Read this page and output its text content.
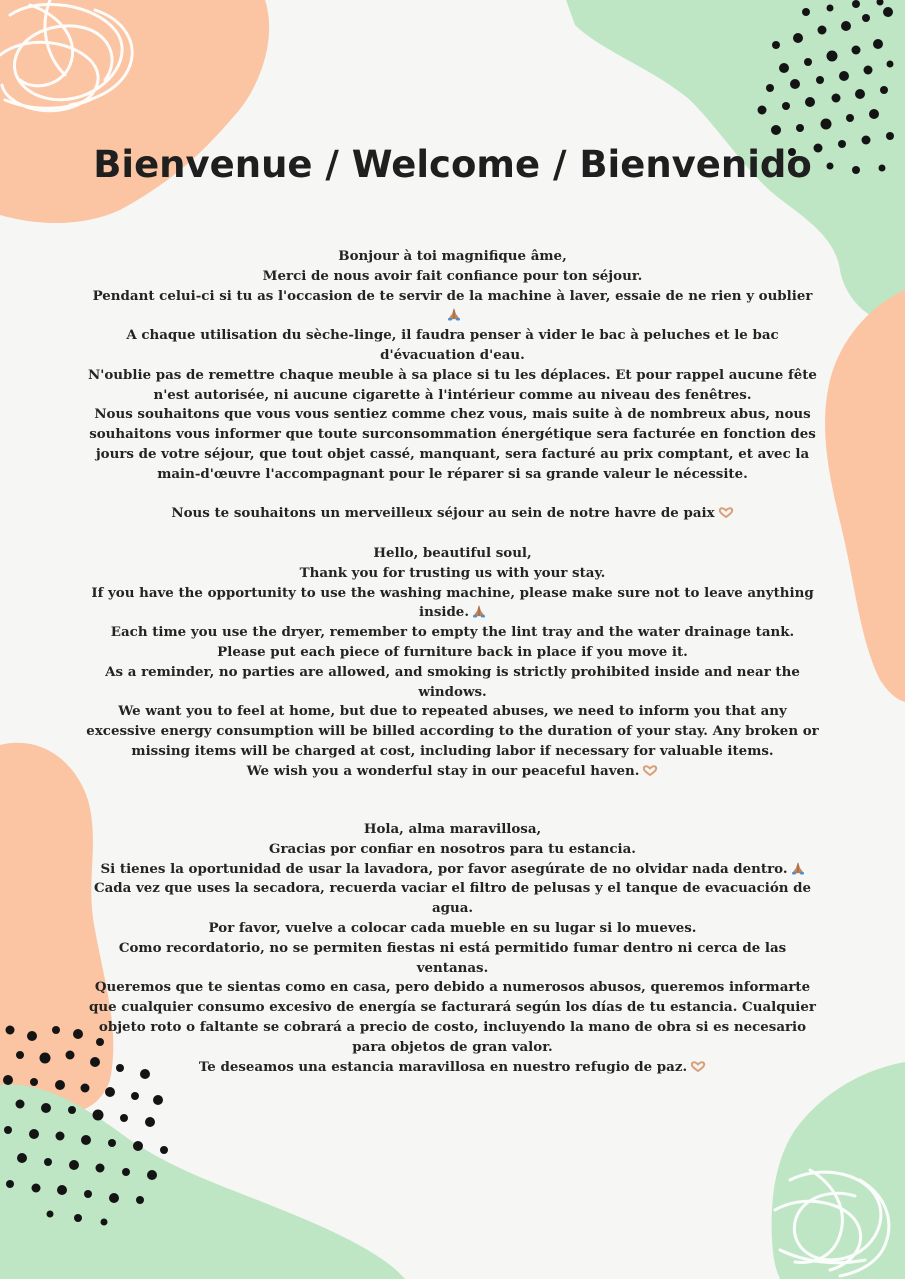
Bienvenue / Welcome / Bienvenido

Bonjour à toi magnifique âme,

Merci de nous avoir fait confiance pour ton séjour.

Pendant celui-ci si tu as l'occasion de te servir de la machine à laver, essaie de ne rien y oublier

A chaque utilisation du sèche-linge, il faudra penser à vider le bac à peluches et le bac d'évacuation d'eau.

N'oublie pas de remettre chaque meuble à sa place si tu les déplaces. Et pour rappel aucune fête n'est autorisée, ni aucune cigarette à l'intérieur comme au niveau des fenêtres.

Nous souhaitons que vous vous sentiez comme chez vous, mais suite à de nombreux abus, nous souhaitons vous informer que toute surconsommation énergétique sera facturée en fonction des jours de votre séjour, que tout objet cassé, manquant, sera facturé au prix comptant, et avec la main-d'œuvre l'accompagnant pour le réparer si sa grande valeur le nécessite.

Nous te souhaitons un merveilleux séjour au sein de notre havre de paix

Hello, beautiful soul,

Thank you for trusting us with your stay.

If you have the opportunity to use the washing machine, please make sure not to leave anything inside.

Each time you use the dryer, remember to empty the lint tray and the water drainage tank.

Please put each piece of furniture back in place if you move it.

As a reminder, no parties are allowed, and smoking is strictly prohibited inside and near the windows.

We want you to feel at home, but due to repeated abuses, we need to inform you that any excessive energy consumption will be billed according to the duration of your stay. Any broken or missing items will be charged at cost, including labor if necessary for valuable items.

We wish you a wonderful stay in our peaceful haven.

Hola, alma maravillosa,

Gracias por confiar en nosotros para tu estancia.

Si tienes la oportunidad de usar la lavadora, por favor asegúrate de no olvidar nada dentro.

Cada vez que uses la secadora, recuerda vaciar el filtro de pelusas y el tanque de evacuación de agua.

Por favor, vuelve a colocar cada mueble en su lugar si lo mueves.

Como recordatorio, no se permiten fiestas ni está permitido fumar dentro ni cerca de las ventanas.

Queremos que te sientas como en casa, pero debido a numerosos abusos, queremos informarte que cualquier consumo excesivo de energía se facturará según los días de tu estancia. Cualquier objeto roto o faltante se cobrará a precio de costo, incluyendo la mano de obra si es necesario para objetos de gran valor.

Te deseamos una estancia maravillosa en nuestro refugio de paz.
